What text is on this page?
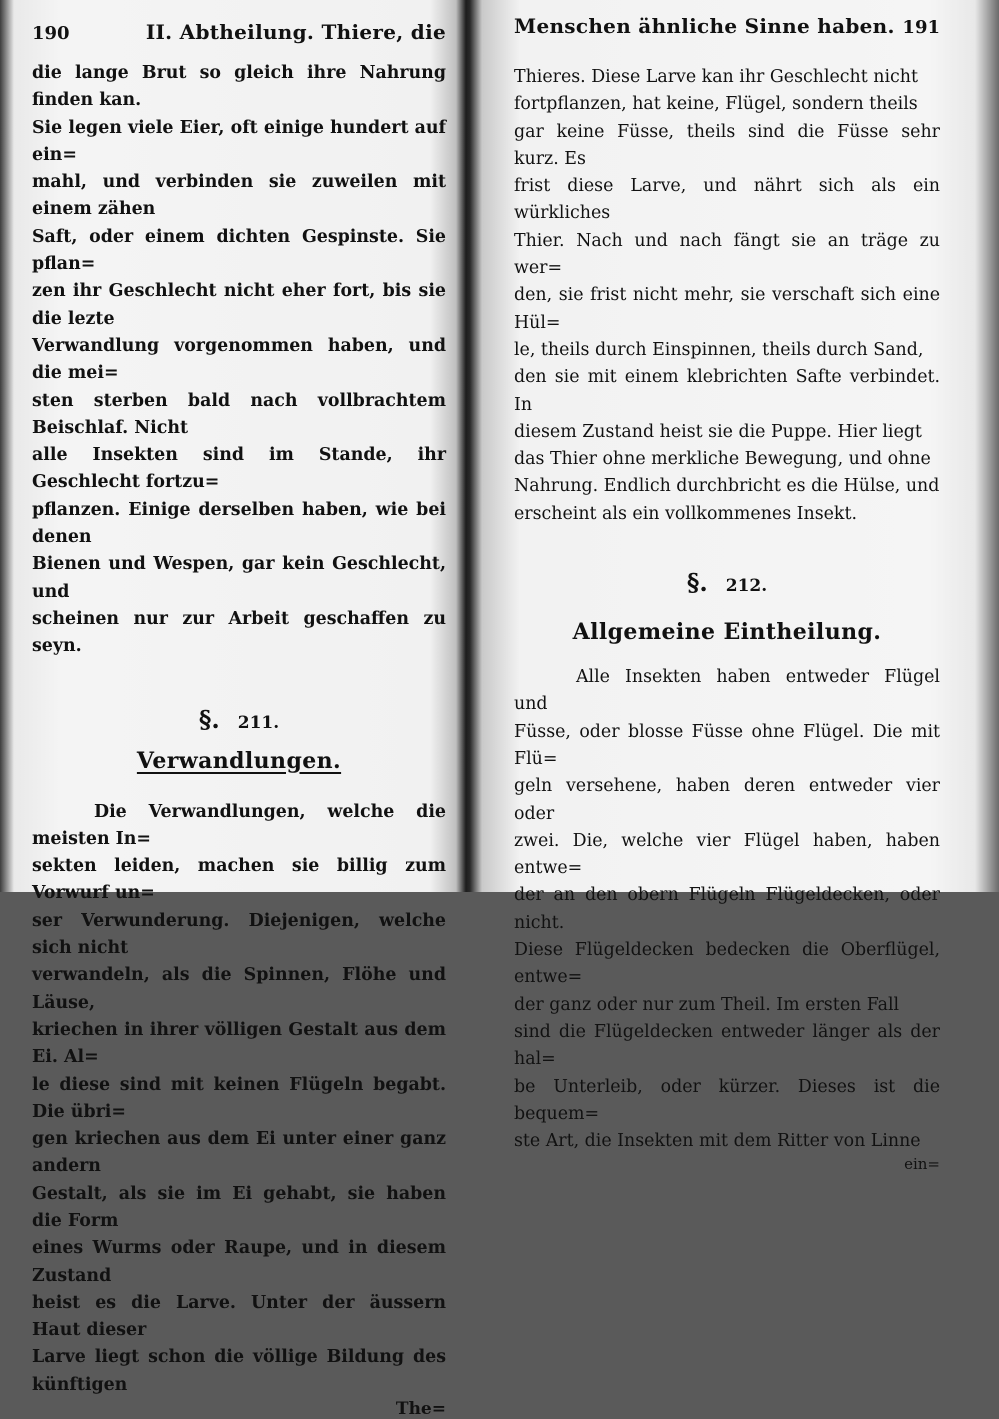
190	II. Abtheilung. Thiere, die

die lange Brut so gleich ihre Nahrung finden kan.

Sie legen viele Eier, oft einige hundert auf ein=

mahl, und verbinden sie zuweilen mit einem zähen

Saft, oder einem dichten Gespinste. Sie pflan=

zen ihr Geschlecht nicht eher fort, bis sie die lezte

Verwandlung vorgenommen haben, und die mei=

sten sterben bald nach vollbrachtem Beischlaf. Nicht

alle Insekten sind im Stande, ihr Geschlecht fortzu=

pflanzen. Einige derselben haben, wie bei denen

Bienen und Wespen, gar kein Geschlecht, und

scheinen nur zur Arbeit geschaffen zu seyn.

§. 211.

Verwandlungen.

Die Verwandlungen, welche die meisten In=

sekten leiden, machen sie billig zum Vorwurf un=

ser Verwunderung. Diejenigen, welche sich nicht

verwandeln, als die Spinnen, Flöhe und Läuse,

kriechen in ihrer völligen Gestalt aus dem Ei. Al=

le diese sind mit keinen Flügeln begabt. Die übri=

gen kriechen aus dem Ei unter einer ganz andern

Gestalt, als sie im Ei gehabt, sie haben die Form

eines Wurms oder Raupe, und in diesem Zustand

heist es die Larve. Unter der äussern Haut dieser

Larve liegt schon die völlige Bildung des künftigen

The=

Menschen ähnliche Sinne haben. 191

Thieres. Diese Larve kan ihr Geschlecht nicht

fortpflanzen, hat keine, Flügel, sondern theils

gar keine Füsse, theils sind die Füsse sehr kurz. Es

frist diese Larve, und nährt sich als ein würkliches

Thier. Nach und nach fängt sie an träge zu wer=

den, sie frist nicht mehr, sie verschaft sich eine Hül=

le, theils durch Einspinnen, theils durch Sand,

den sie mit einem klebrichten Safte verbindet. In

diesem Zustand heist sie die Puppe. Hier liegt

das Thier ohne merkliche Bewegung, und ohne

Nahrung. Endlich durchbricht es die Hülse, und

erscheint als ein vollkommenes Insekt.

§. 212.

Allgemeine Eintheilung.

Alle Insekten haben entweder Flügel und

Füsse, oder blosse Füsse ohne Flügel. Die mit Flü=

geln versehene, haben deren entweder vier oder

zwei. Die, welche vier Flügel haben, haben entwe=

der an den obern Flügeln Flügeldecken, oder nicht.

Diese Flügeldecken bedecken die Oberflügel, entwe=

der ganz oder nur zum Theil. Im ersten Fall

sind die Flügeldecken entweder länger als der hal=

be Unterleib, oder kürzer. Dieses ist die bequem=

ste Art, die Insekten mit dem Ritter von Linne

ein=
